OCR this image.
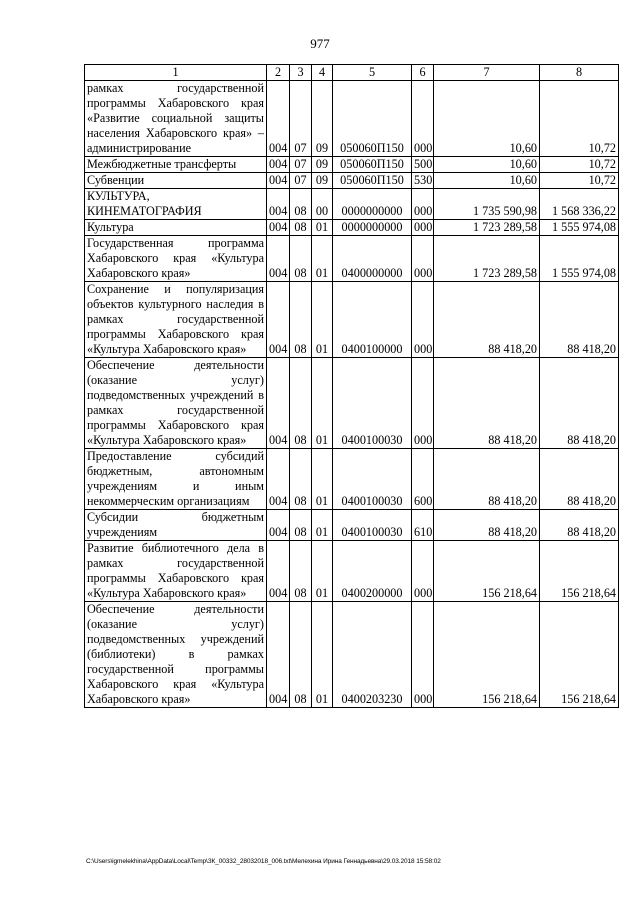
977
1	2	3	4	5	6	7	8
рамках государственной программы Хабаровского края «Развитие социальной защиты населения Хабаровского края» – администрирование	004	07	09	050060П150	000	10,60	10,72
Межбюджетные трансферты	004	07	09	050060П150	500	10,60	10,72
Субвенции	004	07	09	050060П150	530	10,60	10,72
КУЛЬТУРА, КИНЕМАТОГРАФИЯ	004	08	00	0000000000	000	1 735 590,98	1 568 336,22
Культура	004	08	01	0000000000	000	1 723 289,58	1 555 974,08
Государственная программа Хабаровского края «Культура Хабаровского края»	004	08	01	0400000000	000	1 723 289,58	1 555 974,08
Сохранение и популяризация объектов культурного наследия в рамках государственной программы Хабаровского края «Культура Хабаровского края»	004	08	01	0400100000	000	88 418,20	88 418,20
Обеспечение деятельности (оказание услуг) подведомственных учреждений в рамках государственной программы Хабаровского края «Культура Хабаровского края»	004	08	01	0400100030	000	88 418,20	88 418,20
Предоставление субсидий бюджетным, автономным учреждениям и иным некоммерческим организациям	004	08	01	0400100030	600	88 418,20	88 418,20
Субсидии бюджетным учреждениям	004	08	01	0400100030	610	88 418,20	88 418,20
Развитие библиотечного дела в рамках государственной программы Хабаровского края «Культура Хабаровского края»	004	08	01	0400200000	000	156 218,64	156 218,64
Обеспечение деятельности (оказание услуг) подведомственных учреждений (библиотеки) в рамках государственной программы Хабаровского края «Культура Хабаровского края»	004	08	01	0400203230	000	156 218,64	156 218,64
C:\Users\igmelekhina\AppData\Local\Temp\ЗК_00332_28032018_006.txt\Мелехина Ирина Геннадьевна\29.03.2018 15:58:02
